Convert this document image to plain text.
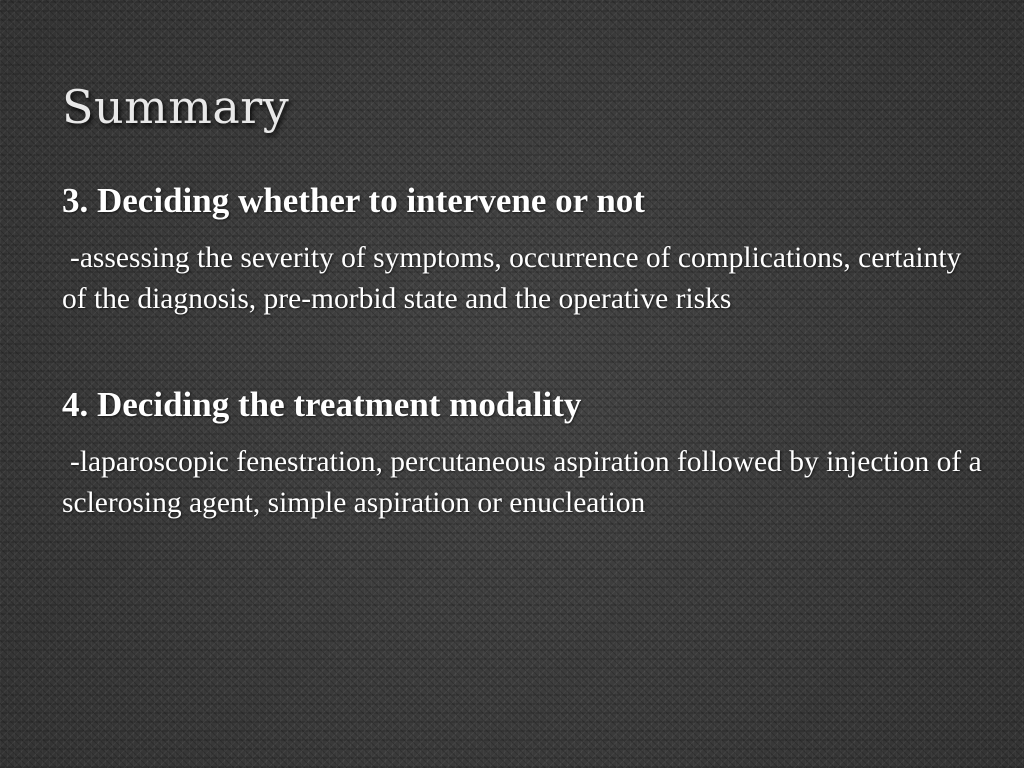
Summary

3. Deciding whether to intervene or not

-assessing the severity of symptoms, occurrence of complications, certainty of the diagnosis, pre-morbid state and the operative risks

4. Deciding the treatment modality

-laparoscopic fenestration, percutaneous aspiration followed by injection of a sclerosing agent, simple aspiration or enucleation
